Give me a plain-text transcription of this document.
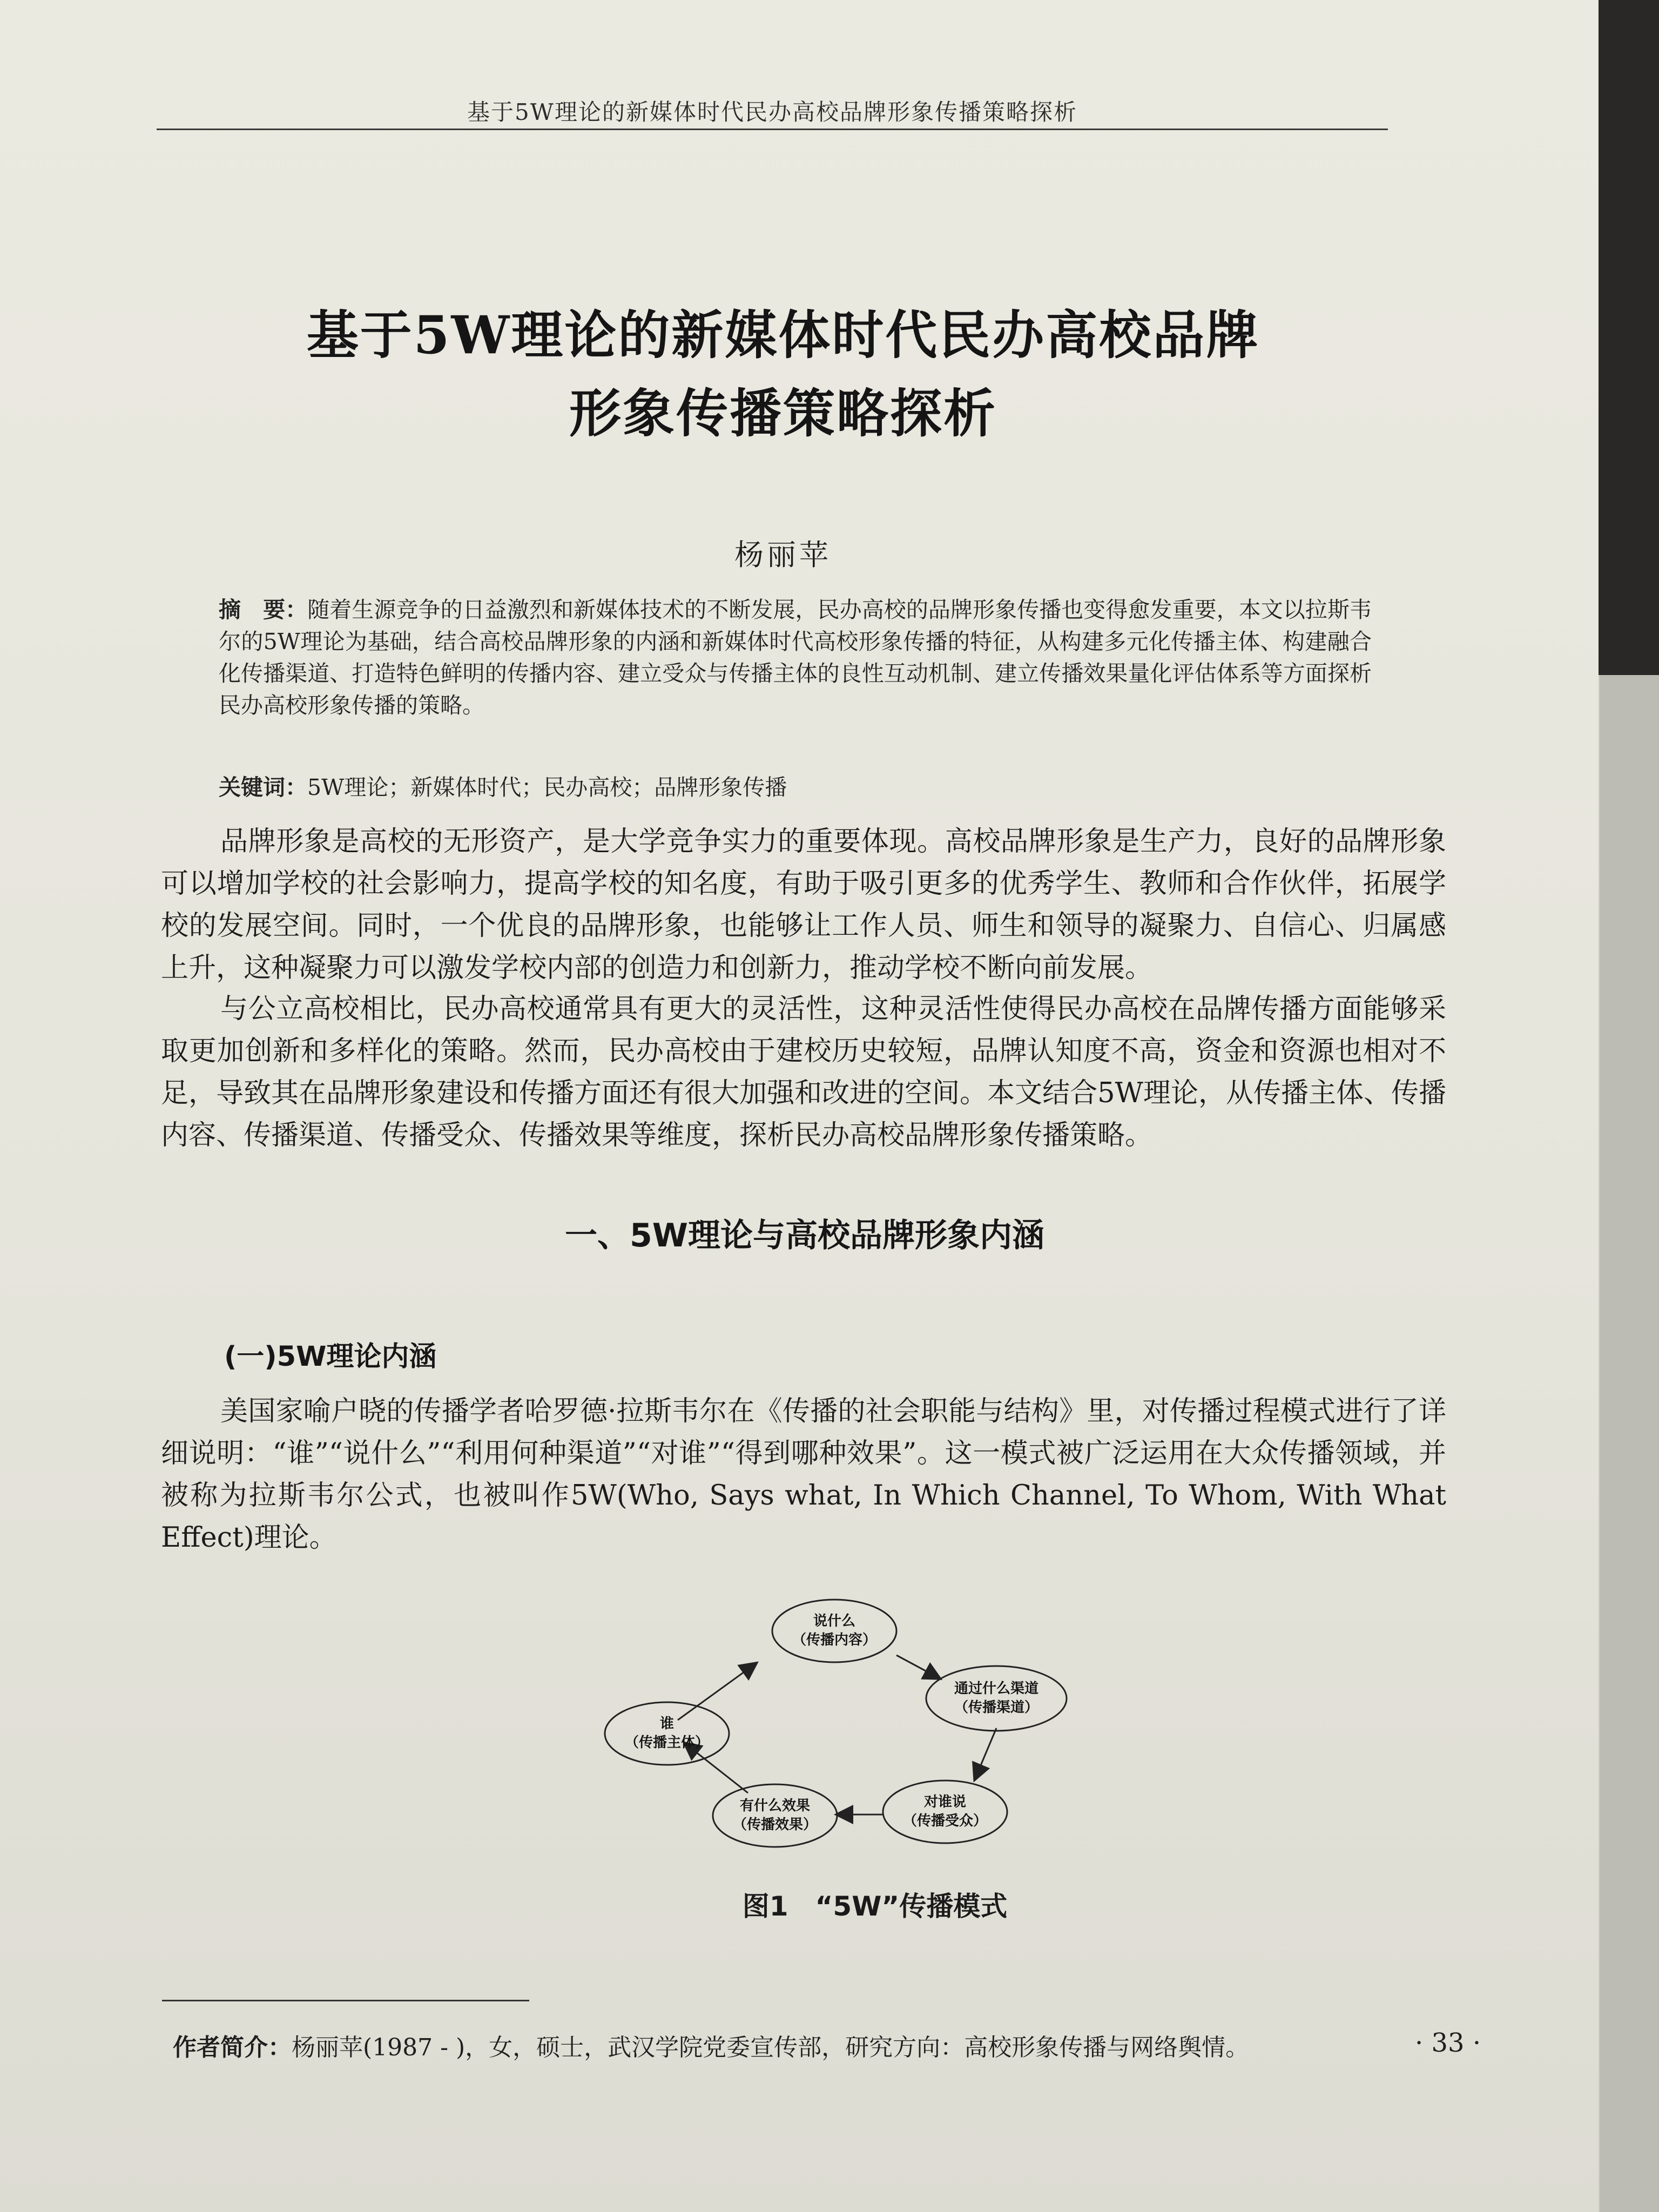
基于5W理论的新媒体时代民办高校品牌形象传播策略探析
基于5W理论的新媒体时代民办高校品牌
形象传播策略探析
杨丽苹
摘　要：随着生源竞争的日益激烈和新媒体技术的不断发展，民办高校的品牌形象传播也变得愈发重要，本文以拉斯韦尔的5W理论为基础，结合高校品牌形象的内涵和新媒体时代高校形象传播的特征，从构建多元化传播主体、构建融合化传播渠道、打造特色鲜明的传播内容、建立受众与传播主体的良性互动机制、建立传播效果量化评估体系等方面探析民办高校形象传播的策略。
关键词：5W理论；新媒体时代；民办高校；品牌形象传播

品牌形象是高校的无形资产，是大学竞争实力的重要体现。高校品牌形象是生产力，良好的品牌形象可以增加学校的社会影响力，提高学校的知名度，有助于吸引更多的优秀学生、教师和合作伙伴，拓展学校的发展空间。同时，一个优良的品牌形象，也能够让工作人员、师生和领导的凝聚力、自信心、归属感上升，这种凝聚力可以激发学校内部的创造力和创新力，推动学校不断向前发展。

与公立高校相比，民办高校通常具有更大的灵活性，这种灵活性使得民办高校在品牌传播方面能够采取更加创新和多样化的策略。然而，民办高校由于建校历史较短，品牌认知度不高，资金和资源也相对不足，导致其在品牌形象建设和传播方面还有很大加强和改进的空间。本文结合5W理论，从传播主体、传播内容、传播渠道、传播受众、传播效果等维度，探析民办高校品牌形象传播策略。

一、5W理论与高校品牌形象内涵
(一)5W理论内涵

美国家喻户晓的传播学者哈罗德·拉斯韦尔在《传播的社会职能与结构》里，对传播过程模式进行了详细说明：“谁”“说什么”“利用何种渠道”“对谁”“得到哪种效果”。这一模式被广泛运用在大众传播领域，并被称为拉斯韦尔公式，也被叫作5W(Who, Says what, In Which Channel, To Whom, With What Effect)理论。

谁
（传播主体）
说什么
（传播内容）
通过什么渠道
（传播渠道）
对谁说
（传播受众）
有什么效果
（传播效果）
图1　“5W”传播模式
作者简介：杨丽苹(1987 - )，女，硕士，武汉学院党委宣传部，研究方向：高校形象传播与网络舆情。	· 33 ·
